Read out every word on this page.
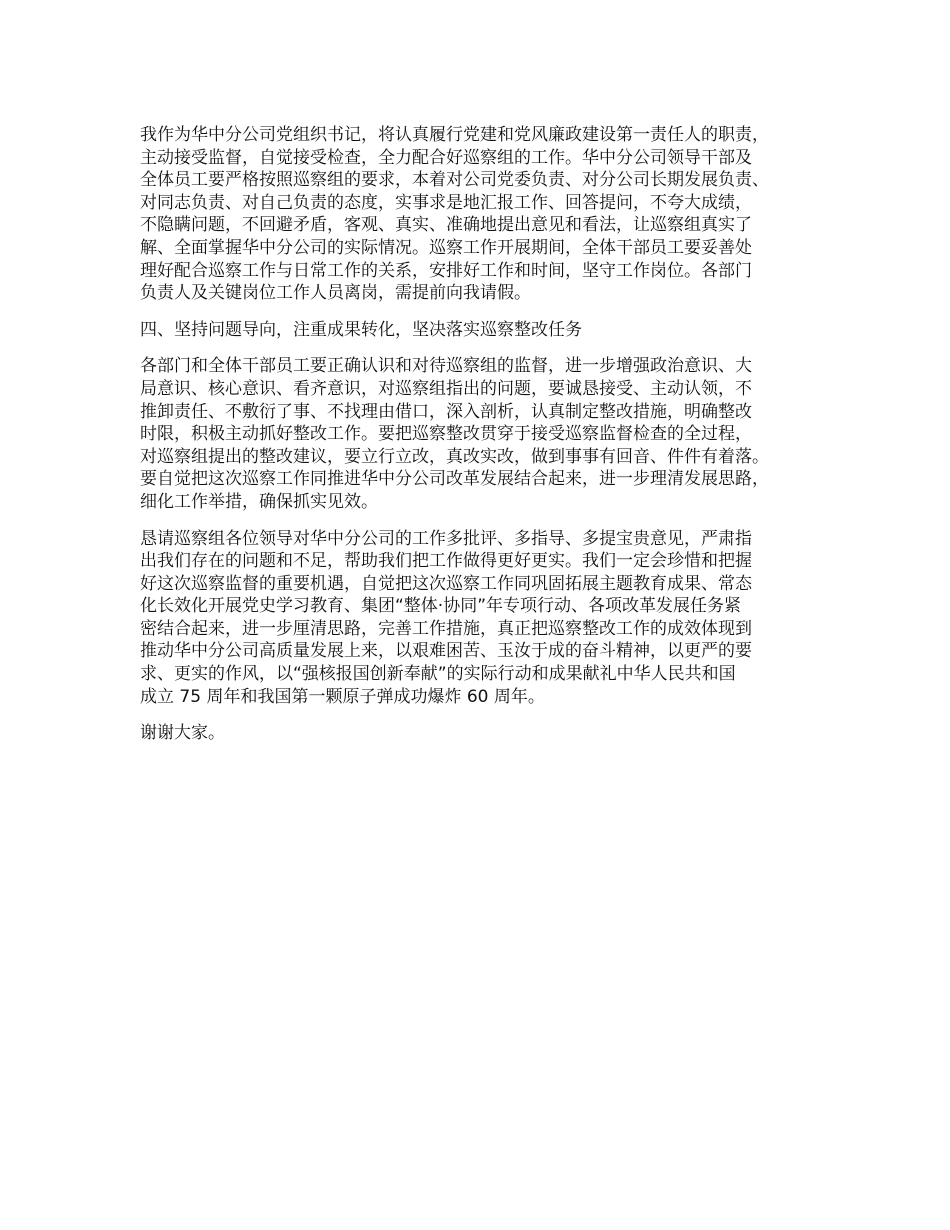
我作为华中分公司党组织书记，将认真履行党建和党风廉政建设第一责任人的职责，
主动接受监督，自觉接受检查，全力配合好巡察组的工作。华中分公司领导干部及
全体员工要严格按照巡察组的要求，本着对公司党委负责、对分公司长期发展负责、
对同志负责、对自己负责的态度，实事求是地汇报工作、回答提问，不夸大成绩，
不隐瞒问题，不回避矛盾，客观、真实、准确地提出意见和看法，让巡察组真实了
解、全面掌握华中分公司的实际情况。巡察工作开展期间，全体干部员工要妥善处
理好配合巡察工作与日常工作的关系，安排好工作和时间，坚守工作岗位。各部门
负责人及关键岗位工作人员离岗，需提前向我请假。

四、坚持问题导向，注重成果转化，坚决落实巡察整改任务

各部门和全体干部员工要正确认识和对待巡察组的监督，进一步增强政治意识、大
局意识、核心意识、看齐意识，对巡察组指出的问题，要诚恳接受、主动认领，不
推卸责任、不敷衍了事、不找理由借口，深入剖析，认真制定整改措施，明确整改
时限，积极主动抓好整改工作。要把巡察整改贯穿于接受巡察监督检查的全过程，
对巡察组提出的整改建议，要立行立改，真改实改，做到事事有回音、件件有着落。
要自觉把这次巡察工作同推进华中分公司改革发展结合起来，进一步理清发展思路，
细化工作举措，确保抓实见效。

恳请巡察组各位领导对华中分公司的工作多批评、多指导、多提宝贵意见，严肃指
出我们存在的问题和不足，帮助我们把工作做得更好更实。我们一定会珍惜和把握
好这次巡察监督的重要机遇，自觉把这次巡察工作同巩固拓展主题教育成果、常态
化长效化开展党史学习教育、集团“整体·协同”年专项行动、各项改革发展任务紧
密结合起来，进一步厘清思路，完善工作措施，真正把巡察整改工作的成效体现到
推动华中分公司高质量发展上来，以艰难困苦、玉汝于成的奋斗精神，以更严的要
求、更实的作风，以“强核报国创新奉献”的实际行动和成果献礼中华人民共和国
成立 75 周年和我国第一颗原子弹成功爆炸 60 周年。

谢谢大家。
